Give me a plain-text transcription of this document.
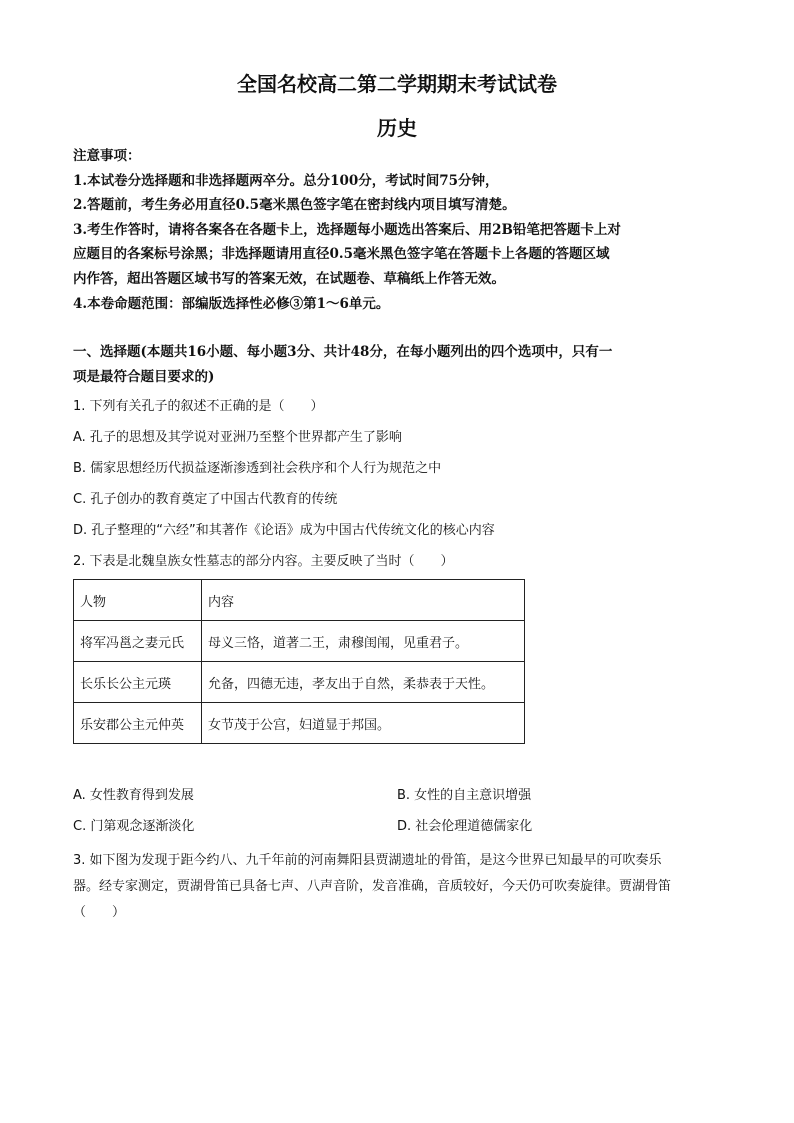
全国名校高二第二学期期末考试试卷
历史

注意事项：

1.本试卷分选择题和非选择题两卒分。总分100分，考试时间75分钟，

2.答题前，考生务必用直径0.5毫米黑色签字笔在密封线内项目填写清楚。

3.考生作答时，请将各案各在各题卡上，选择题每小题选出答案后、用2B铅笔把答题卡上对

应题目的各案标号涂黑；非选择题请用直径0.5毫米黑色签字笔在答题卡上各题的答题区域

内作答，超出答题区域书写的答案无效，在试题卷、草稿纸上作答无效。

4.本卷命题范围：部编版选择性必修③第1～6单元。

一、选择题(本题共16小题、每小题3分、共计48分，在每小题列出的四个选项中，只有一
项是最符合题目要求的)
1. 下列有关孔子的叙述不正确的是（　　）
A. 孔子的思想及其学说对亚洲乃至整个世界都产生了影响
B. 儒家思想经历代损益逐渐渗透到社会秩序和个人行为规范之中
C. 孔子创办的教育奠定了中国古代教育的传统
D. 孔子整理的“六经”和其著作《论语》成为中国古代传统文化的核心内容
2. 下表是北魏皇族女性墓志的部分内容。主要反映了当时（　　）
人物	内容
将军冯邕之妻元氏	母义三恪，道著二王，肃穆闺闱，见重君子。
长乐长公主元瑛	允备，四德无违，孝友出于自然，柔恭表于天性。
乐安郡公主元仲英	女节茂于公宫，妇道显于邦国。
A. 女性教育得到发展	B. 女性的自主意识增强
C. 门第观念逐渐淡化	D. 社会伦理道德儒家化

3. 如下图为发现于距今约八、九千年前的河南舞阳县贾湖遗址的骨笛，是这今世界已知最早的可吹奏乐

器。经专家测定，贾湖骨笛已具备七声、八声音阶，发音准确，音质较好，今天仍可吹奏旋律。贾湖骨笛

（　　）
